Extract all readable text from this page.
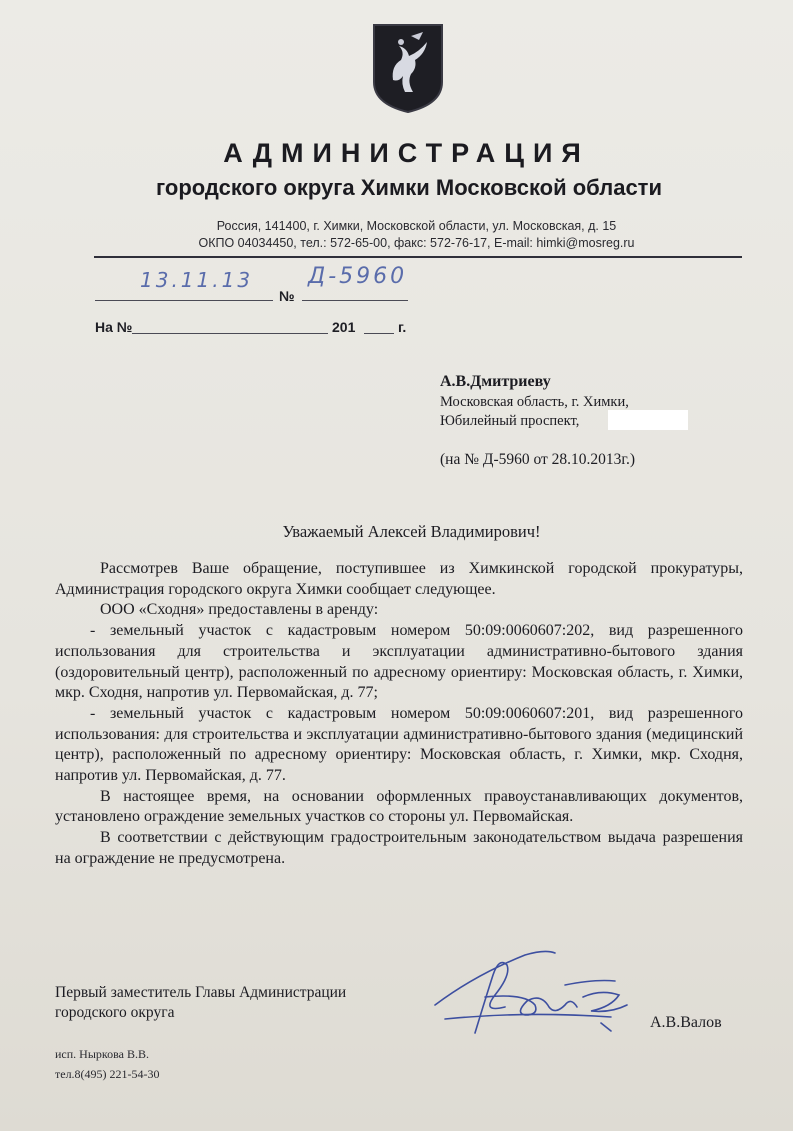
АДМИНИСТРАЦИЯ
городского округа Химки Московской области
Россия, 141400, г. Химки, Московской области, ул. Московская, д. 15
ОКПО 04034450, тел.: 572-65-00, факс: 572-76-17, E-mail: himki@mosreg.ru
13.11.13
№
Д-5960
На №	201	г.
А.В.Дмитриеву
Московская область, г. Химки,
Юбилейный проспект,
(на № Д-5960 от 28.10.2013г.)
Уважаемый Алексей Владимирович!

Рассмотрев Ваше обращение, поступившее из Химкинской городской прокуратуры, Администрация городского округа Химки сообщает следующее.

ООО «Сходня» предоставлены в аренду:

- земельный участок с кадастровым номером 50:09:0060607:202, вид разрешенного использования для строительства и эксплуатации административно-бытового здания (оздоровительный центр), расположенный по адресному ориентиру: Московская область, г. Химки, мкр. Сходня, напротив ул. Первомайская, д. 77;

- земельный участок с кадастровым номером 50:09:0060607:201, вид разрешенного использования: для строительства и эксплуатации административно-бытового здания (медицинский центр), расположенный по адресному ориентиру: Московская область, г. Химки, мкр. Сходня, напротив ул. Первомайская, д. 77.

В настоящее время, на основании оформленных правоустанавливающих документов, установлено ограждение земельных участков со стороны ул. Первомайская.

В соответствии с действующим градостроительным законодательством выдача разрешения на ограждение не предусмотрена.

Первый заместитель Главы Администрации
городского округа
А.В.Валов
исп. Ныркова В.В.
тел.8(495) 221-54-30
